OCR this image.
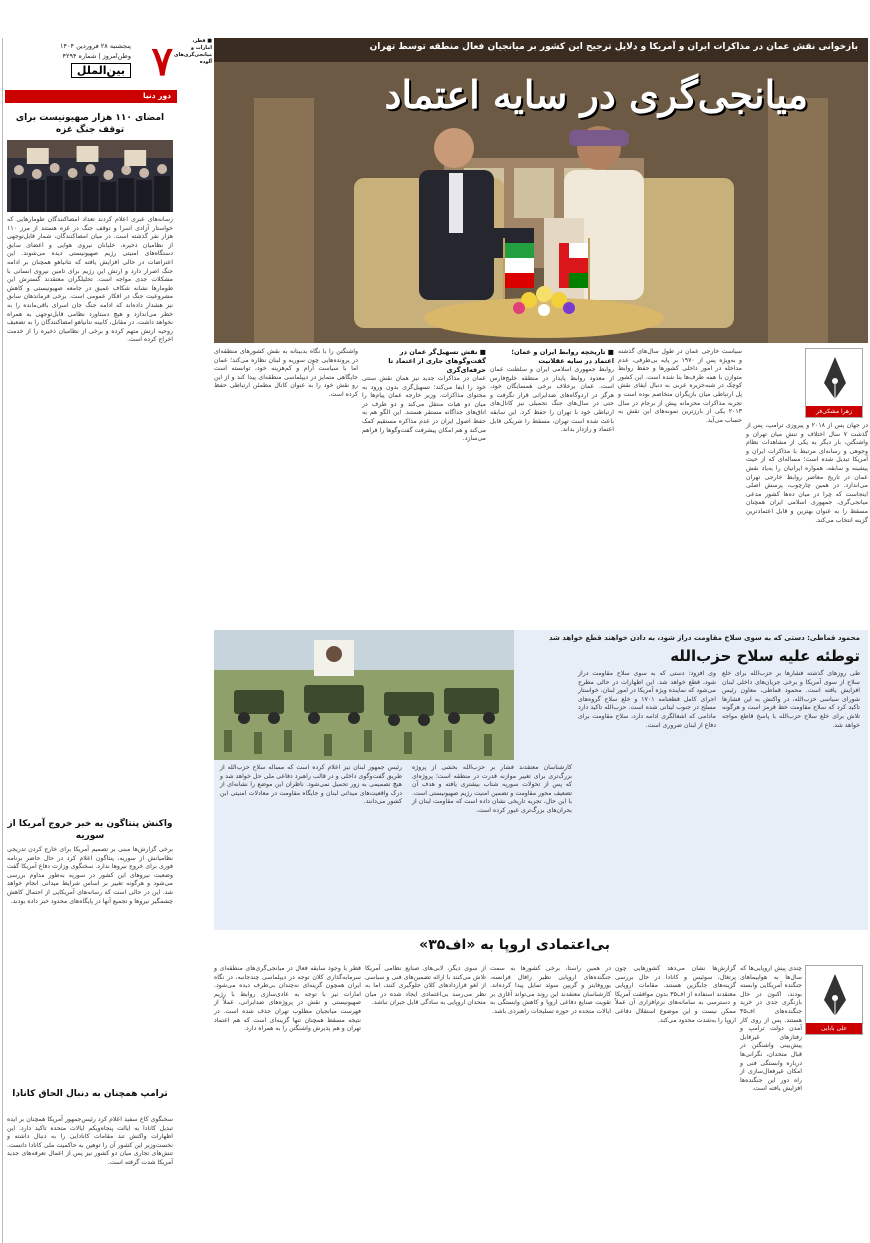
۷
پنجشنبه ۲۸ فروردین ۱۴۰۴
وطن‌امروز | شماره ۴۲۹۴
بین‌الملل
دور دنیا
امضای ۱۱۰ هزار صهیونیست برای توقف جنگ غزه
رسانه‌های عبری اعلام کردند تعداد امضاکنندگان طومارهایی که خواستار آزادی اسرا و توقف جنگ در غزه هستند از مرز ۱۱۰ هزار نفر گذشته است. در میان امضاکنندگان، شمار قابل‌توجهی از نظامیان ذخیره، خلبانان نیروی هوایی و اعضای سابق دستگاه‌های امنیتی رژیم صهیونیستی دیده می‌شوند. این اعتراضات در حالی افزایش یافته که نتانیاهو همچنان بر ادامه جنگ اصرار دارد و ارتش این رژیم برای تامین نیروی انسانی با مشکلات جدی مواجه است. تحلیلگران معتقدند گسترش این طومارها نشانه شکاف عمیق در جامعه صهیونیستی و کاهش مشروعیت جنگ در افکار عمومی است. برخی فرماندهان سابق نیز هشدار داده‌اند که ادامه جنگ جان اسرای باقی‌مانده را به خطر می‌اندازد و هیچ دستاورد نظامی قابل‌توجهی به همراه نخواهد داشت. در مقابل، کابینه نتانیاهو امضاکنندگان را به تضعیف روحیه ارتش متهم کرده و برخی از نظامیان ذخیره را از خدمت اخراج کرده است.
واکنش پنتاگون به خبر خروج آمریکا از سوریه
برخی گزارش‌ها مبنی بر تصمیم آمریکا برای خارج کردن تدریجی نظامیانش از سوریه، پنتاگون اعلام کرد در حال حاضر برنامه فوری برای خروج نیروها ندارد. سخنگوی وزارت دفاع آمریکا گفت وضعیت نیروهای این کشور در سوریه به‌طور مداوم بررسی می‌شود و هرگونه تغییر بر اساس شرایط میدانی انجام خواهد شد. این در حالی است که رسانه‌های آمریکایی از احتمال کاهش چشمگیر نیروها و تجمیع آنها در پایگاه‌های محدود خبر داده بودند.
ترامپ همچنان به دنبال الحاق کانادا
سخنگوی کاخ سفید اعلام کرد رئیس‌جمهور آمریکا همچنان بر ایده تبدیل کانادا به ایالت پنجاه‌ویکم ایالات متحده تاکید دارد. این اظهارات واکنش تند مقامات کانادایی را به دنبال داشته و نخست‌وزیر این کشور آن را توهین به حاکمیت ملی کانادا دانست. تنش‌های تجاری میان دو کشور نیز پس از اعمال تعرفه‌های جدید آمریکا شدت گرفته است.
بازخوانی نقش عمان در مذاکرات ایران و آمریکا و دلایل ترجیح این کشور بر میانجیان فعال منطقه توسط تهران
میانجی‌گری در سایه اعتماد
زهرا مشکی‌فر
در جهان پس از ۲۰۱۸ و پیروزی ترامپ، پس از گذشت ۷ سال اختلاف و تنش میان تهران و واشنگتن، بار دیگر به یکی از مشاهدات نظام ‌وجوهی و رسانه‌ای مرتبط با مذاکرات ایران و آمریکا تبدیل شده است؛ مساله‌ای که از حیث پیشینه و سابقه، همواره ‌ایرانیان را به‌یاد نقش عمان در تاریخ معاصر روابط خارجی تهران می‌اندازد. در همین چارچوب، پرسش اصلی اینجاست که چرا در میان ده‌ها کشور مدعی میانجی‌گری، جمهوری اسلامی ایران همچنان مسقط را به عنوان بهترین و قابل اعتمادترین گزینه انتخاب می‌کند.
سیاست خارجی عمان در طول سال‌های گذشته و به‌ویژه پس از ۱۹۷۰ بر پایه بی‌طرفی، عدم مداخله در امور داخلی کشورها و حفظ روابط متوازن با همه طرف‌ها بنا شده است. این کشور کوچک در شبه‌جزیره عربی به دنبال ایفای نقش پل ارتباطی میان بازیگران متخاصم بوده است و تجربه مذاکرات محرمانه پیش از برجام در سال ۲۰۱۳ یکی از بارزترین نمونه‌های این نقش به حساب می‌آید.
■ تاریخچه روابط ایران و عمان؛ اعتماد در سایه عقلانیت
روابط جمهوری اسلامی ایران و سلطنت عمان از معدود روابط پایدار در منطقه خلیج‌فارس است. عمان برخلاف برخی همسایگان خود، هرگز در اردوگاه‌های ضدایرانی قرار نگرفت و حتی در سال‌های جنگ تحمیلی نیز کانال‌های ارتباطی خود با تهران را حفظ کرد. این سابقه باعث شده است تهران، مسقط را شریکی قابل اعتماد و رازدار بداند.
■ نقش تسهیل‌گر عمان در گفت‌وگوهای جاری از اعتماد تا حرفه‌ای‌گری
عمان در مذاکرات جدید نیز همان نقش سنتی خود را ایفا می‌کند؛ تسهیل‌گری بدون ورود به محتوای مذاکرات. وزیر خارجه عمان پیام‌ها را میان دو هیات منتقل می‌کند و دو طرف در اتاق‌های جداگانه مستقر هستند. این الگو هم به حفظ اصول ایران در عدم مذاکره مستقیم کمک می‌کند و هم امکان پیشرفت گفت‌وگوها را فراهم می‌سازد.
واشنگتن را با نگاه بدبینانه به نقش کشورهای منطقه‌ای در پرونده‌هایی چون سوریه و لبنان نظاره می‌کند؛ عمان اما با سیاست آرام و کم‌هزینه خود، توانسته است جایگاهی متمایز در دیپلماسی منطقه‌ای پیدا کند و از این رو نقش خود را به عنوان کانال مطمئن ارتباطی حفظ کرده است.
محمود قماطی: دستی که به سوی سلاح مقاومت دراز شود، به دادن خواهند قطع خواهد شد
توطئه علیه سلاح حزب‌الله
طی روزهای گذشته فشارها بر حزب‌الله برای خلع سلاح از سوی آمریکا و برخی جریان‌های داخلی لبنان افزایش یافته است. محمود قماطی، معاون رئیس شورای سیاسی حزب‌الله، در واکنش به این فشارها تاکید کرد که سلاح مقاومت خط قرمز است و هرگونه تلاش برای خلع سلاح حزب‌الله با پاسخ قاطع مواجه خواهد شد.
وی افزود: دستی که به سوی سلاح مقاومت دراز شود، قطع خواهد شد. این اظهارات در حالی مطرح می‌شود که نماینده ویژه آمریکا در امور لبنان، خواستار اجرای کامل قطعنامه ۱۷۰۱ و خلع سلاح گروه‌های مسلح در جنوب لیتانی شده است. حزب‌الله تاکید دارد مادامی که اشغالگری ادامه دارد، سلاح مقاومت برای دفاع از لبنان ضروری است.
کارشناسان معتقدند فشار بر حزب‌الله بخشی از پروژه بزرگ‌تری برای تغییر موازنه قدرت در منطقه است؛ پروژه‌ای که پس از تحولات سوریه شتاب بیشتری یافته و هدف آن تضعیف محور مقاومت و تضمین امنیت رژیم صهیونیستی است. با این حال، تجربه تاریخی نشان داده است که مقاومت لبنان از بحران‌های بزرگ‌تری عبور کرده است.
رئیس جمهور لبنان نیز اعلام کرده است که مساله سلاح حزب‌الله از طریق گفت‌وگوی داخلی و در قالب راهبرد دفاعی ملی حل خواهد شد و هیچ تصمیمی به زور تحمیل نمی‌شود. ناظران این موضع را نشانه‌ای از درک واقعیت‌های میدانی لبنان و جایگاه مقاومت در معادلات امنیتی این کشور می‌دانند.
بی‌اعتمادی اروپا به «اف‌۳۵»
علی بابایی
چندی پیش اروپایی‌ها که سال‌ها به هواپیماهای جنگنده آمریکایی وابسته بودند، اکنون در حال بازنگری جدی در خرید جنگنده‌های اف‌۳۵ هستند. پس از روی کار آمدن دولت ترامپ و رفتارهای غیرقابل پیش‌بینی واشنگتن در قبال متحدان، نگرانی‌ها درباره وابستگی فنی و امکان غیرفعال‌سازی از راه دور این جنگنده‌ها افزایش یافته است.
گزارش‌ها نشان می‌دهد کشورهایی چون پرتغال، سوئیس و کانادا در حال بررسی گزینه‌های جایگزین هستند. مقامات اروپایی معتقدند استفاده از اف‌۳۵ بدون موافقت آمریکا و دسترسی به سامانه‌های نرم‌افزاری آن عملاً ممکن نیست و این موضوع استقلال دفاعی اروپا را به‌شدت محدود می‌کند.
در همین راستا، برخی کشورها به سمت جنگنده‌های اروپایی نظیر رافال فرانسه، یوروفایتر و گریپن سوئد تمایل پیدا کرده‌اند. کارشناسان معتقدند این روند می‌تواند آغازی بر تقویت صنایع دفاعی اروپا و کاهش وابستگی به ایالات متحده در حوزه تسلیحات راهبردی باشد.
از سوی دیگر، لابی‌های صنایع نظامی آمریکا تلاش می‌کنند با ارائه تضمین‌های فنی و سیاسی از لغو قراردادهای کلان جلوگیری کنند، اما به نظر می‌رسد بی‌اعتمادی ایجاد شده در میان متحدان اروپایی به سادگی قابل جبران نباشد.
قطر با وجود سابقه فعال در میانجی‌گری‌های منطقه‌ای و سرمایه‌گذاری کلان توجه در دیپلماسی چندجانبه، در نگاه ایران همچون گزینه‌ای نه‌چندان بی‌طرف دیده می‌شود. امارات نیز با توجه به عادی‌سازی روابط با رژیم صهیونیستی و نقش در پروژه‌های ضدایرانی، عملاً از فهرست میانجیان مطلوب تهران حذف شده است. در نتیجه مسقط همچنان تنها گزینه‌ای است که هم اعتماد تهران و هم پذیرش واشنگتن را به همراه دارد.
■ قطر، امارات و میانجی‌گری‌های آلوده
